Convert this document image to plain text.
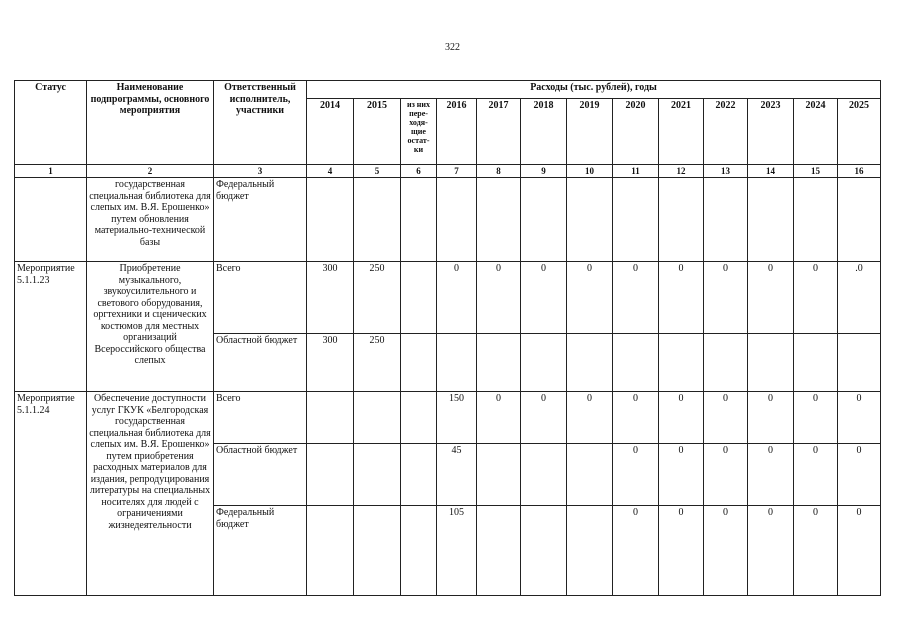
322
Статус	Наименование подпрограммы, основного мероприятия	Ответственный исполнитель, участники	Расходы (тыс. рублей), годы												
			2014	2015	из них пере-ходя-щие остат-ки	2016	2017	2018	2019	2020	2021	2022	2023	2024	2025
1	2	3	4	5	6	7	8	9	10	11	12	13	14	15	16
	государственная специальная библиотека для слепых им. В.Я. Ерошенко» путем обновления материально-технической базы	Федеральный бюджет													
Мероприятие 5.1.1.23	Приобретение музыкального, звукоусилительного и светового оборудования, оргтехники и сценических костюмов для местных организаций Всероссийского общества слепых	Всего	300	250		0	0	0	0	0	0	0	0	0	.0
		Областной бюджет	300	250											
Мероприятие 5.1.1.24	Обеспечение доступности услуг ГКУК «Белгородская государственная специальная библиотека для слепых им. В.Я. Ерошенко» путем приобретения расходных материалов для издания, репродуцирования литературы на специальных носителях для людей с ограничениями жизнедеятельности	Всего				150	0	0	0	0	0	0	0	0	0
		Областной бюджет				45				0	0	0	0	0	0
		Федеральный бюджет				105				0	0	0	0	0	0
